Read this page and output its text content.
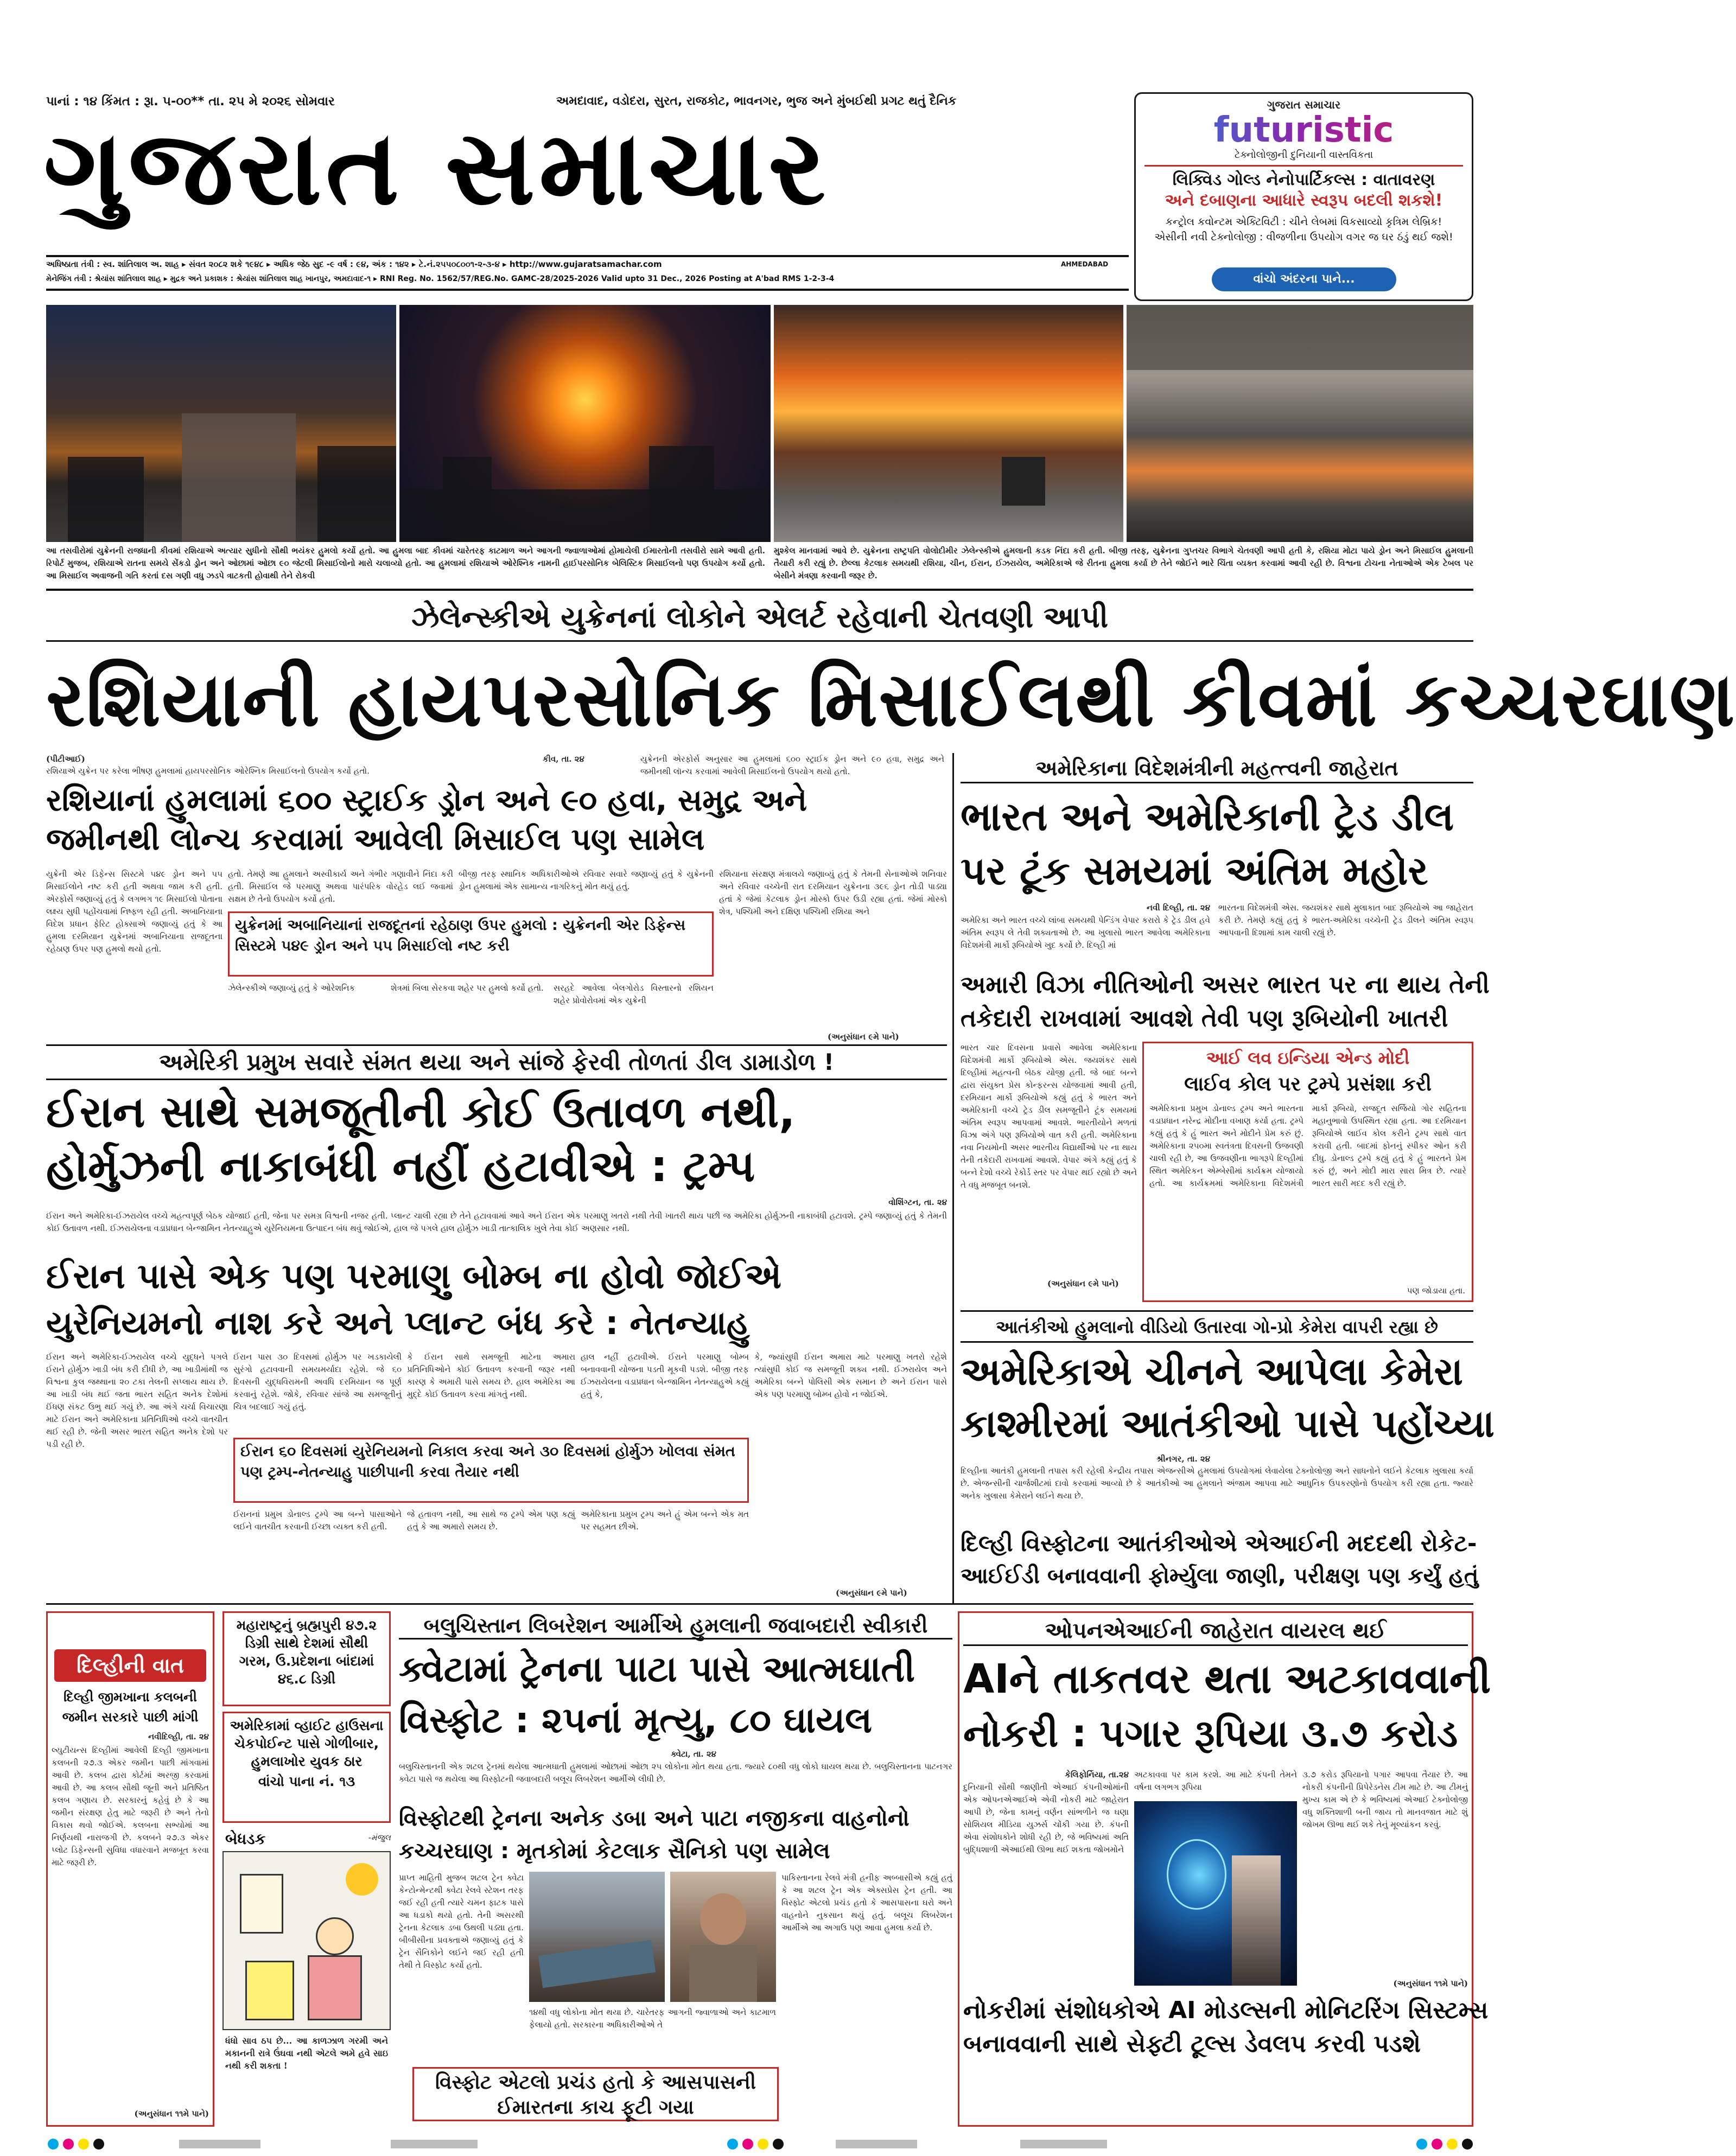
પાનાં : ૧૪ કિંમત : રૂા. ૫-૦૦** તા. ૨૫ મે ૨૦૨૬ સોમવાર	અમદાવાદ, વડોદરા, સુરત, રાજકોટ, ભાવનગર, ભુજ અને મુંબઈથી પ્રગટ થતું દૈનિક
ગુજરાત સમાચાર
અધિષ્ઠાતા તંત્રી : સ્વ. શાંતિલાલ અ. શાહ ▸ સંવત ૨૦૮૨ શકે ૧૯૪૮ ▸ અધિક જેઠ સુદ -૯ વર્ષ : ૯૪, અંક : ૧૪૨ ▸ ટે.નં.૨૫૫૦૮૦૦૧-૨-૩-૪ ▸ http://www.gujaratsamachar.com	AHMEDABAD
મેનેજિંગ તંત્રી : શ્રેયાંસ શાંતિલાલ શાહ ▸ મુદ્રક અને પ્રકાશક : શ્રેયાંસ શાંતિલાલ શાહ ખાનપુર, અમદાવાદ-૧ ▸ RNI Reg. No. 1562/57/REG.No. GAMC-28/2025-2026 Valid upto 31 Dec., 2026 Posting at A'bad RMS 1-2-3-4
ગુજરાત સમાચાર
futuristic
ટેક્નોલોજીની દુનિયાની વાસ્તવિકતા
લિક્વિડ ગોલ્ડ નેનોપાર્ટિકલ્સ : વાતાવરણ
અને દબાણના આધારે સ્વરૂપ બદલી શકશે!
કન્ટ્રોલ કવોન્ટમ એક્ટિવિટી : ચીને લેબમાં વિકસાવ્યો કૃત્રિમ લેબ્રિક!
એસીની નવી ટેક્નોલોજી : વીજળીના ઉપયોગ વગર જ ઘર ઠંડું થઈ જશે!
વાંચો અંદરના પાને...
આ તસવીરોમાં યુક્રેનની રાજધાની કીવમાં રશિયાએ અત્યાર સુધીનો સૌથી ભયંકર હુમલો કર્યો હતો. આ હુમલા બાદ કીવમાં ચારેતરફ કાટમાળ અને આગની જ્વાળાઓમાં હોમાયેલી ઈમારતોની તસવીરો સામે આવી હતી. રિપોર્ટ મુજબ, રશિયાએ રાતના સમયે સેંકડો ડ્રોન અને ઓછામાં ઓછા ૯૦ જેટલી મિસાઈલોનો મારો ચલાવ્યો હતો. આ હુમલામાં રશિયાએ ઓરેશ્નિક નામની હાઈપરસોનિક બેલિસ્ટિક મિસાઈલનો પણ ઉપયોગ કર્યો હતો. આ મિસાઈલ અવાજની ગતિ કરતાં દસ ગણી વધુ ઝડપે ત્રાટકતી હોવાથી તેને રોકવી
મુશ્કેલ માનવામાં આવે છે. યુક્રેનના રાષ્ટ્રપતિ વોલોદીમીર ઝેલેન્સ્કીએ હુમલાની કડક નિંદા કરી હતી. બીજી તરફ, યુક્રેનના ગુપ્તચર વિભાગે ચેતવણી આપી હતી કે, રશિયા મોટા પાયે ડ્રોન અને મિસાઈલ હુમલાની તૈયારી કરી રહ્યું છે. છેલ્લા કેટલાક સમયથી રશિયા, ચીન, ઈરાન, ઈઝરાયેલ, અમેરિકાએ જે રીતના હુમલા કર્યા છે તેને જોઈને ભારે ચિંતા વ્યક્ત કરવામાં આવી રહી છે. વિશ્વના ટોચના નેતાઓએ એક ટેબલ પર બેસીને મંત્રણા કરવાની જરૂર છે.
ઝેલેન્સ્કીએ યુક્રેનનાં લોકોને એલર્ટ રહેવાની ચેતવણી આપી
રશિયાની હાયપરસોનિક મિસાઈલથી કીવમાં કચ્ચરઘાણ
(પીટીઆઈ)
રશિયાએ યુક્રેન પર કરેલા ભીષણ હુમલામાં હાયપરસોનિક ઓરેશ્નિક મિસાઈલનો ઉપયોગ કર્યો હતો.
કીવ, તા. ૨૪	યુક્રેનની એરફોર્સ અનુસાર આ હુમલામાં ૬૦૦ સ્ટ્રાઈક ડ્રોન અને ૯૦ હવા, સમુદ્ર અને જમીનથી લૉન્ચ કરવામાં આવેલી મિસાઈલનો ઉપયોગ થયો હતો.
રશિયાનાં હુમલામાં ૬૦૦ સ્ટ્રાઈક ડ્રોન અને ૯૦ હવા, સમુદ્ર અને
જમીનથી લોન્ચ કરવામાં આવેલી મિસાઈલ પણ સામેલ
યુક્રેની એર ડિફેન્સ સિસ્ટમે ૫૪૯ ડ્રોન અને ૫૫ મિસાઈલોને નષ્ટ કરી હતી અથવા જામ કરી હતી. એરફોર્સે જણાવ્યું હતું કે લગભગ ૧૯ મિસાઈલો પોતાના લક્ષ્ય સુધી પહોંચવામાં નિષ્ફળ રહી હતી. અબાનિયાના વિદેશ પ્રધાન ફેરિટ હોક્સાએ જણાવ્યું હતું કે આ હુમલા દરમિયાન યુક્રેનમાં અબાનિયાના રાજદૂતના રહેઠાણ ઉપર પણ હુમલો થયો હતો.
હતો. તેમણે આ હુમલાને અસ્વીકાર્ય અને ગંભીર ગણાવીને નિંદા કરી હતી. મિસાઈલ જે પરમાણુ અથવા પારંપરિક વોરહેડ લઈ જવામાં સક્ષમ છે તેનો ઉપયોગ કર્યો હતો.
બીજી તરફ સ્થાનિક અધિકારીઓએ રવિવાર સવારે જણાવ્યું હતું કે યુક્રેનની ડ્રોન હુમલામાં એક સામાન્ય નાગરિકનું મોત થયું હતું.
રશિયાના સંરક્ષણ મંત્રાલયે જણાવ્યું હતું કે તેમની સેનાઓએ શનિવાર અને રવિવાર વચ્ચેની રાત દરમિયાન યુક્રેનના ૩૯૬ ડ્રોન તોડી પાડ્યા હતાં કે જેમાં કેટલાક ડ્રોન મોસ્કો ઉપર ઉડી રહ્યા હતાં. જેમાં મોસ્કો શેત્ર, પશ્ચિમી અને દક્ષિણ પશ્ચિમી રશિયા અને
યુક્રેનમાં અબાનિયાનાં રાજદૂતનાં રહેઠાણ ઉપર હુમલો : યુક્રેનની એર ડિફેન્સ સિસ્ટમે ૫૪૯ ડ્રોન અને ૫૫ મિસાઈલો નષ્ટ કરી
ઝેલેન્સ્કીએ જણાવ્યું હતું કે ઓરેશનિક	શેત્રમાં બિલા સેરકવા શહેર પર હુમલો કર્યો હતો.	સરહદે આવેલા બેલગોરોડ વિસ્તારનો રશિયન શહેર પ્રોવોરોવમાં એક યુક્રેની
(અનુસંધાન ૯મે પાને)
અમેરિકી પ્રમુખ સવારે સંમત થયા અને સાંજે ફેરવી તોળતાં ડીલ ડામાડોળ !
ઈરાન સાથે સમજૂતીની કોઈ ઉતાવળ નથી,
હોર્મુઝની નાકાબંધી નહીં હટાવીએ : ટ્રમ્પ
વોશિંગ્ટન, તા. ૨૪
ઈરાન અને અમેરિકા-ઈઝરાયેલ વચ્ચે મહત્વપૂર્ણ બેઠક યોજાઈ હતી, જેના પર સમગ્ર વિશ્વની નજર હતી. પ્લાન્ટ ચાલી રહ્યા છે તેને હટાવવામાં આવે અને ઈરાન એક પરમાણુ ખતરો નથી તેવી ખાતરી થાય પછી જ અમેરિકા હોર્મુઝની નાકાબંધી હટાવશે. ટ્રમ્પે જણાવ્યું હતું કે તેમની કોઈ ઉતાવળ નથી. ઈઝરાયેલના વડાપ્રધાન બેન્જામિન નેતન્યાહુએ યુરેનિયમના ઉત્પાદન બંધ થવું જોઈએ, હાલ જે પગલે હાલ હોર્મુઝ ખાડી તાત્કાલિક ખુલે તેવા કોઈ અણસાર નથી.
ઈરાન પાસે એક પણ પરમાણુ બોમ્બ ના હોવો જોઈએ
યુરેનિયમનો નાશ કરે અને પ્લાન્ટ બંધ કરે : નેતન્યાહુ
ઈરાન અને અમેરિકા-ઈઝરાયેલ વચ્ચે યુદ્ધને પગલે ઈરાને હોર્મુઝ ખાડી બંધ કરી દીધી છે, આ ખાડીમાંથી જ વિશ્વના કુલ જથ્થાના ૨૦ ટકા તેલની સપ્લાય થાય છે. આ ખાડી બંધ થઈ જતા ભારત સહિત અનેક દેશોમાં ઈંધણ સંકટ ઉભુ થઈ ગયું છે. આ અંગે ચર્ચા વિચારણા માટે ઈરાન અને અમેરિકાના પ્રતિનિધિઓ વચ્ચે વાતચીત થઈ રહી છે. જેની અસર ભારત સહિત અનેક દેશો પર પડી રહી છે.
ઈરાન પાસ ૩૦ દિવસમાં હોર્મુઝ પર ખડકાયેલી સુરંગો હટાવવાની સમયમર્યાદા રહેશે. જે ૬૦ દિવસની યુદ્ધવિરામની અવધિ દરમિયાન જ પૂર્ણ કરવાનું રહેશે. જોકે, રવિવાર સાંજે આ સમજૂતીનું ચિત્ર બદલાઈ ગયું હતું.
કે ઈરાન સાથે સમજૂતી માટેના અમારા પ્રતિનિધિઓને કોઈ ઉતાવળ કરવાની જરૂર નથી કારણ કે અમારી પાસે સમય છે. હાલ અમેરિકા આ મુદ્દે કોઈ ઉતાવળ કરવા માંગતું નથી.
હાલ નહીં હટાવીએ. ઈરાને પરમાણુ બોમ્બ બનાવવાની યોજના પડતી મૂકવી પડશે. બીજી તરફ ઈઝરાયેલના વડાપ્રધાન બેન્જામિન નેતન્યાહુએ કહ્યું હતું કે,
કે, જ્યાંસુધી ઈરાન અમારા માટે પરમાણુ ખતરો રહેશે ત્યાંસુધી કોઈ જ સમજૂતી શક્ય નથી. ઈઝરાયેલ અને અમેરિકા બન્ને પોલિસી એક સમાન છે અને ઈરાન પાસે એક પણ પરમાણુ બોમ્બ હોવો ન જોઈએ.
ઈરાન ૬૦ દિવસમાં યુરેનિયમનો નિકાલ કરવા અને ૩૦ દિવસમાં હોર્મુઝ ખોલવા સંમત પણ ટ્રમ્પ-નેતન્યાહુ પાછીપાની કરવા તૈયાર નથી
ઈરાનનાં પ્રમુખ ડોનાલ્ડ ટ્રમ્પે આ બન્ને પાસાઓને લઈને વાતચીત કરવાની ઈચ્છા વ્યક્ત કરી હતી.
જે હતાવળ નથી, આ સાથે જ ટ્રમ્પે એમ પણ કહ્યું હતું કે આ અમારો સમય છે.
અમેરિકાના પ્રમુખ ટ્રમ્પ અને હું એમ બન્ને એક મત પર સહમત છીએ.
(અનુસંધાન ૯મે પાને)
અમેરિકાના વિદેશમંત્રીની મહત્ત્વની જાહેરાત
ભારત અને અમેરિકાની ટ્રેડ ડીલ
પર ટૂંક સમયમાં અંતિમ મહોર
નવી દિલ્હી, તા. ૨૪
અમેરિકા અને ભારત વચ્ચે લાંબા સમયથી પેન્ડિંગ વેપાર કરારો કે ટ્રેડ ડીલ હવે અંતિમ સ્વરૂપ લે તેવી શક્યતાઓ છે. આ ખુલાસો ભારત આવેલા અમેરિકાના વિદેશમંત્રી માર્કો રૂબિયોએ ખુદ કર્યો છે. દિલ્હી માં
ભારતના વિદેશમંત્રી એસ. જયશંકર સાથે મુલાકાત બાદ રૂબિયોએ આ જાહેરાત કરી છે. તેમણે કહ્યું હતું કે ભારત-અમેરિકા વચ્ચેની ટ્રેડ ડીલને અંતિમ સ્વરૂપ આપવાની દિશામાં કામ ચાલી રહ્યું છે.
અમારી વિઝા નીતિઓની અસર ભારત પર ના થાય તેની
તકેદારી રાખવામાં આવશે તેવી પણ રૂબિયોની ખાતરી
ભારત ચાર દિવસના પ્રવાસે આવેલા અમેરિકાના વિદેશમંત્રી માર્કો રૂબિયોએ એસ. જયશંકર સાથે દિલ્હીમાં મહત્વની બેઠક યોજી હતી. જે બાદ બન્ને દ્વારા સંયુક્ત પ્રેસ કોન્ફરન્સ યોજવામાં આવી હતી, દરમિયાન માર્કો રૂબિયોએ કહ્યું હતું કે ભારત અને અમેરિકાની વચ્ચે ટ્રેડ ડીલ સમજૂતીને ટૂંક સમયમાં અંતિમ સ્વરૂપ આપવામાં આવશે. ભારતીયોને મળતાં વિઝા અંગે પણ રૂબિયોએ વાત કરી હતી. અમેરિકાના નવા નિયમોની અસર ભારતીય વિદ્યાર્થીઓ પર ના થાય તેની તકેદારી રાખવામાં આવશે. વેપાર અંગે કહ્યું હતું કે બન્ને દેશો વચ્ચે રેકોર્ડ સ્તર પર વેપાર થઈ રહ્યો છે અને તે વધુ મજબૂત બનશે.
(અનુસંધાન ૯મે પાને)
આઈ લવ ઇન્ડિયા એન્ડ મોદી
લાઈવ કોલ પર ટ્રમ્પે પ્રસંશા કરી
અમેરિકાના પ્રમુખ ડોનાલ્ડ ટ્રમ્પ અને ભારતના વડાપ્રધાન નરેન્દ્ર મોદીના વખાણ કર્યા હતા. ટ્રમ્પે કહ્યું હતું કે હું ભારત અને મોદીને પ્રેમ કરું છું. અમેરિકાના ૨૫૦મા સ્વતંત્રતા દિવસની ઉજવણી ચાલી રહી છે, આ ઉજવણીના ભાગરૂપે દિલ્હીમાં સ્થિત અમેરિકન એમ્બેસીમાં કાર્યક્રમ યોજાયો હતો. આ કાર્યક્રમમાં અમેરિકાના વિદેશમંત્રી માર્કો રૂબિયો, રાજદૂત સર્જિયો ગોર સહિતના મહાનુભાવો ઉપસ્થિત રહ્યા હતા. આ દરમિયાન રૂબિયોએ લાઈવ કોલ કરીને ટ્રમ્પ સાથે વાત કરાવી હતી. બાદમાં ફોનનું સ્પીકર ઓન કરી દીધુ. ડોનાલ્ડ ટ્રમ્પે કહ્યું હતું કે હું ભારતને પ્રેમ કરું છું, અને મોદી મારા સારા મિત્ર છે. ત્યારે ભારત સારી મદદ કરી રહ્યું છે.
પણ જોડાયા હતા.
આતંકીઓ હુમલાનો વીડિયો ઉતારવા ગો-પ્રો કેમેરા વાપરી રહ્યા છે
અમેરિકાએ ચીનને આપેલા કેમેરા
કાશ્મીરમાં આતંકીઓ પાસે પહોંચ્યા
શ્રીનગર, તા. ૨૪
દિલ્હીના આતંકી હુમલાની તપાસ કરી રહેલી કેન્દ્રીય તપાસ એજન્સીએ હુમલામાં ઉપયોગમાં લેવાયેલા ટેક્નોલોજી અને સાધનોને લઈને કેટલાક ખુલાસા કર્યા છે. એજન્સીની ચાર્જશીટમાં દાવો કરવામાં આવ્યો છે કે આતંકીઓ આ હુમલાને અંજામ આપવા માટે આધુનિક ઉપકરણોનો ઉપયોગ કરી રહ્યા હતા. જ્યારે અનેક ખુલાસા કેમેરાને લઈને થયા છે.
દિલ્હી વિસ્ફોટના આતંકીઓએ એઆઈની મદદથી રોકેટ-
આઈઈડી બનાવવાની ફોર્મ્યુલા જાણી, પરીક્ષણ પણ કર્યું હતું
દિલ્હીની વાત
દિલ્હી જીમખાના કલબની જમીન સરકારે પાછી માંગી
નવીદિલ્હી, તા. ૨૪
લ્યુટીયન્સ દિલ્હીમાં આવેલી દિલ્હી જીમખાના કલબની ૨૭.૩ એકર જમીન પાછી માંગવામાં આવી છે. કલબ દ્વારા કોર્ટમાં અરજી કરવામાં આવી છે. આ કલબ સૌથી જૂની અને પ્રતિષ્ઠિત કલબ ગણાય છે. સરકારનું કહેવું છે કે આ જમીન સંરક્ષણ હેતુ માટે જરૂરી છે અને તેનો વિકાસ થવો જોઈએ. કલબના સભ્યોમાં આ નિર્ણયથી નારાજગી છે. કલબને ૨૭.૩ એકર પ્લોટ ડિફેન્સની સુવિધા વધારવાને મજબૂત કરવા માટે જરૂરી છે.
(અનુસંધાન ૧૧મે પાને)
મહારાષ્ટ્રનું બ્રહ્મપુરી ૪૭.૨ ડિગ્રી સાથે દેશમાં સૌથી ગરમ, ઉ.પ્રદેશના બાંદામાં ૪૬.૮ ડિગ્રી
અમેરિકામાં વ્હાઈટ હાઉસના ચેકપોઈન્ટ પાસે ગોળીબાર, હુમલાખોર યુવક ઠાર
વાંચો પાના નં. ૧૩
બેધડક	-મંજુલ
ધંધો સાવ ઠપ છે... આ કાળઝાળ ગરમી અને મકાનની રાત્રે ઉંઘવા નથી એટલે અમે હવે સાઇ નથી કરી શકતા !
બલુચિસ્તાન લિબરેશન આર્મીએ હુમલાની જવાબદારી સ્વીકારી
ક્વેટામાં ટ્રેનના પાટા પાસે આત્મઘાતી
વિસ્ફોટ : ૨૫નાં મૃત્યુ, ૮૦ ઘાયલ
ક્વેટા, તા. ૨૪
બલુચિસ્તાનની એક શટલ ટ્રેનમાં થયેલા આત્મઘાતી હુમલામાં ઓછામાં ઓછા ૨૫ લોકોના મોત થયા હતા. જ્યારે ૮૦થી વધુ લોકો ઘાયલ થયા છે. બલુચિસ્તાનના પાટનગર ક્વેટા પાસે જ થયેલા આ વિસ્ફોટની જવાબદારી બલૂચ લિબરેશન આર્મીએ લીધી છે.
વિસ્ફોટથી ટ્રેનના અનેક ડબા અને પાટા નજીકના વાહનોનો
કચ્ચરઘાણ : મૃતકોમાં કેટલાક સૈનિકો પણ સામેલ
પ્રાપ્ત માહિતી મુજબ શટલ ટ્રેન ક્વેટા કેન્ટોન્મેન્ટથી ક્વેટા રેલવે સ્ટેશન તરફ જઈ રહી હતી ત્યારે ચમન ફાટક પાસે આ ધડાકો થયો હતો. તેની અસરથી ટ્રેનના કેટલાક ડબા ઉથલી પડ્યા હતા. બીબીસીના પ્રવક્તાએ જણાવ્યું હતું કે ટ્રેન સૈનિકોને લઈને જઈ રહી હતી તેથી તે વિસ્ફોટ કર્યો હતો.
૧૪થી વધુ લોકોના મોત થયા છે. ચારેતરફ આગની જ્વાળાઓ અને કાટમાળ ફેલાયો હતો. સરકારના અધિકારીઓએ તે
પાકિસ્તાનના રેલવે મંત્રી હનીફ અબ્બાસીએ કહ્યું હતું કે આ શટલ ટ્રેન એક એક્સપ્રેસ ટ્રેન હતી. આ વિસ્ફોટ એટલો પ્રચંડ હતો કે આસપાસના ઘરો અને વાહનોને નુકસાન થયું હતું. બલૂચ લિબરેશન આર્મીએ આ અગાઉ પણ આવા હુમલા કર્યા છે.
વિસ્ફોટ એટલો પ્રચંડ હતો કે આસપાસની ઈમારતના કાચ ફૂટી ગયા
ઓપનએઆઈની જાહેરાત વાયરલ થઈ
AIને તાકતવર થતા અટકાવવાની
નોકરી : પગાર રૂપિયા ૩.૭ કરોડ
કેલિફોર્નિયા, તા.૨૪
દુનિયાની સૌથી જાણીતી એઆઈ કંપનીઓમાંની એક ઓપનએઆઈએ એવી નોકરી માટે જાહેરાત આપી છે, જેના કામનું વર્ણન સાંભળીને જ ઘણા સોશિયલ મીડિયા યુઝર્સ ચોંકી ગયા છે. કંપની એવા સંશોધકોને શોધી રહી છે, જે ભવિષ્યમાં અતિ બુદ્ધિશાળી એઆઈથી ઊભા થઈ શકતા જોખમોને
અટકાવવા પર કામ કરશે. આ માટે કંપની તેમને વર્ષના લગભગ રૂપિયા
૩.૭ કરોડ રૂપિયાનો પગાર આપવા તૈયાર છે. આ નોકરી કંપનીની પ્રિપેરેડનેસ ટીમ માટે છે. આ ટીમનું મુખ્ય કામ એ છે કે ભવિષ્યમાં એઆઈ ટેક્નોલોજી વધુ શક્તિશાળી બની જાય તો માનવજાત માટે શું જોખમ ઊભા થઈ શકે તેનું મૂલ્યાંકન કરવું.
(અનુસંધાન ૧૧મે પાને)
નોકરીમાં સંશોધકોએ AI મોડલ્સની મોનિટરિંગ સિસ્ટમ્સ
બનાવવાની સાથે સેફ્ટી ટૂલ્સ ડેવલપ કરવી પડશે
